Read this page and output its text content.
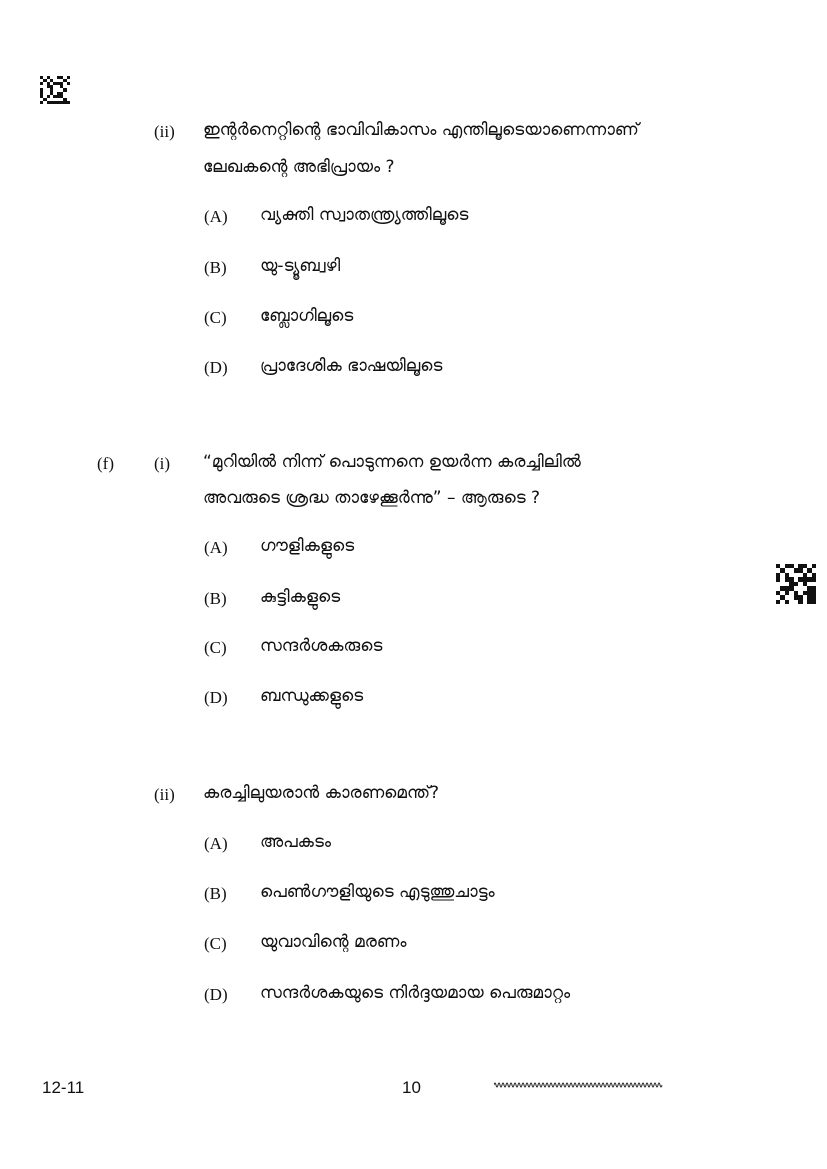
(ii) ഇന്റർനെറ്റിന്റെ ഭാവിവികാസം എന്തിലൂടെയാണെന്നാണ്
ലേഖകന്റെ അഭിപ്രായം ?
(A) വ്യക്തി സ്വാതന്ത്ര്യത്തിലൂടെ
(B) യു-ട്യൂബ്വഴി
(C) ബ്ലോഗിലൂടെ
(D) പ്രാദേശിക ഭാഷയിലൂടെ
(f) (i) “മുറിയിൽ നിന്ന് പൊടുന്നനെ ഉയർന്ന കരച്ചിലിൽ
അവരുടെ ശ്രദ്ധ താഴേക്കൂർന്നു” – ആരുടെ ?
(A) ഗൗളികളുടെ
(B) കുട്ടികളുടെ
(C) സന്ദർശകരുടെ
(D) ബന്ധുക്കളുടെ
(ii) കരച്ചിലുയരാൻ കാരണമെന്ത്?
(A) അപകടം
(B) പെൺഗൗളിയുടെ എടുത്തുചാട്ടം
(C) യുവാവിന്റെ മരണം
(D) സന്ദർശകയുടെ നിർദ്ദയമായ പെരുമാറ്റം
12-11	10
